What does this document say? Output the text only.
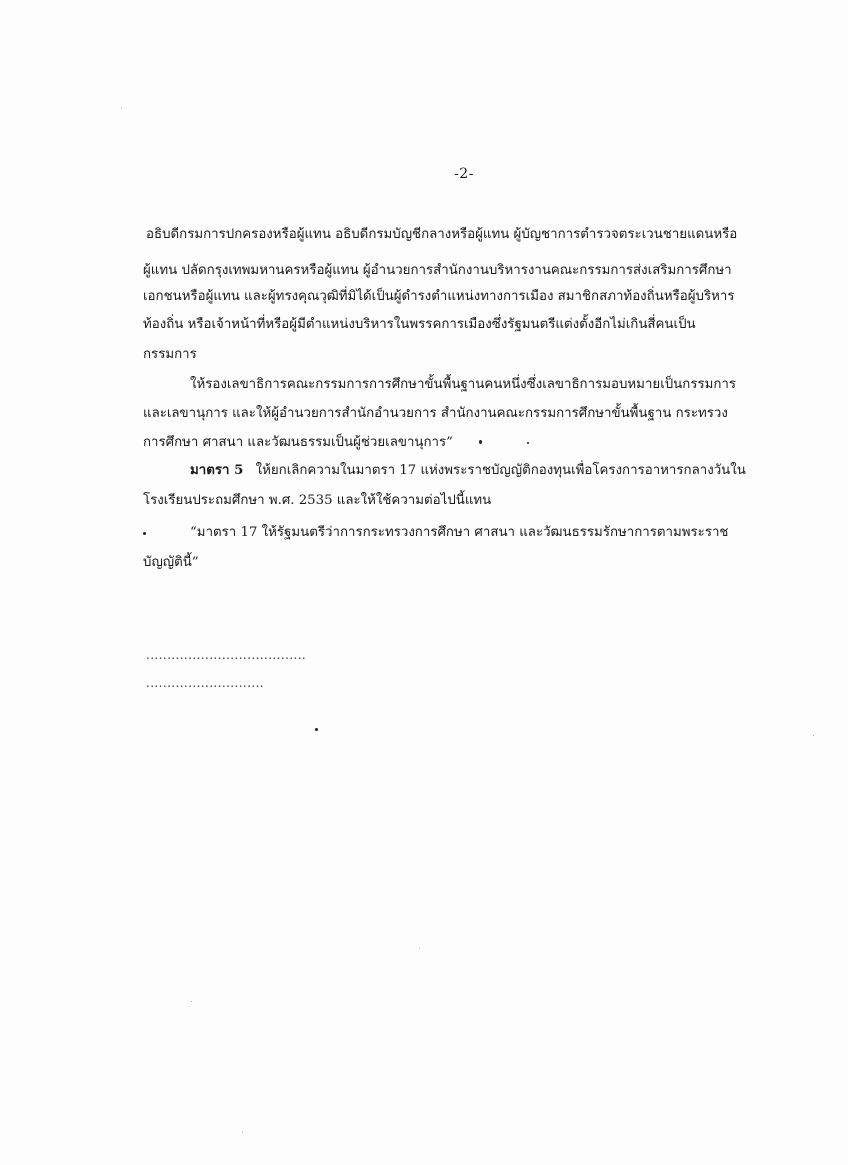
-2-
อธิบดีกรมการปกครองหรือผู้แทน อธิบดีกรมบัญชีกลางหรือผู้แทน ผู้บัญชาการตำรวจตระเวนชายแดนหรือ
ผู้แทน ปลัดกรุงเทพมหานครหรือผู้แทน ผู้อำนวยการสำนักงานบริหารงานคณะกรรมการส่งเสริมการศึกษา
เอกชนหรือผู้แทน และผู้ทรงคุณวุฒิที่มิได้เป็นผู้ดำรงตำแหน่งทางการเมือง สมาชิกสภาท้องถิ่นหรือผู้บริหาร
ท้องถิ่น หรือเจ้าหน้าที่หรือผู้มีตำแหน่งบริหารในพรรคการเมืองซึ่งรัฐมนตรีแต่งตั้งอีกไม่เกินสี่คนเป็น
กรรมการ
ให้รองเลขาธิการคณะกรรมการการศึกษาขั้นพื้นฐานคนหนึ่งซึ่งเลขาธิการมอบหมายเป็นกรรมการ
และเลขานุการ และให้ผู้อำนวยการสำนักอำนวยการ สำนักงานคณะกรรมการศึกษาขั้นพื้นฐาน กระทรวง
การศึกษา ศาสนา และวัฒนธรรมเป็นผู้ช่วยเลขานุการ”
มาตรา 5 ให้ยกเลิกความในมาตรา 17 แห่งพระราชบัญญัติกองทุนเพื่อโครงการอาหารกลางวันใน
โรงเรียนประถมศึกษา พ.ศ. 2535 และให้ใช้ความต่อไปนี้แทน
“มาตรา 17 ให้รัฐมนตรีว่าการกระทรวงการศึกษา ศาสนา และวัฒนธรรมรักษาการตามพระราช
บัญญัตินี้”
......................................
............................
